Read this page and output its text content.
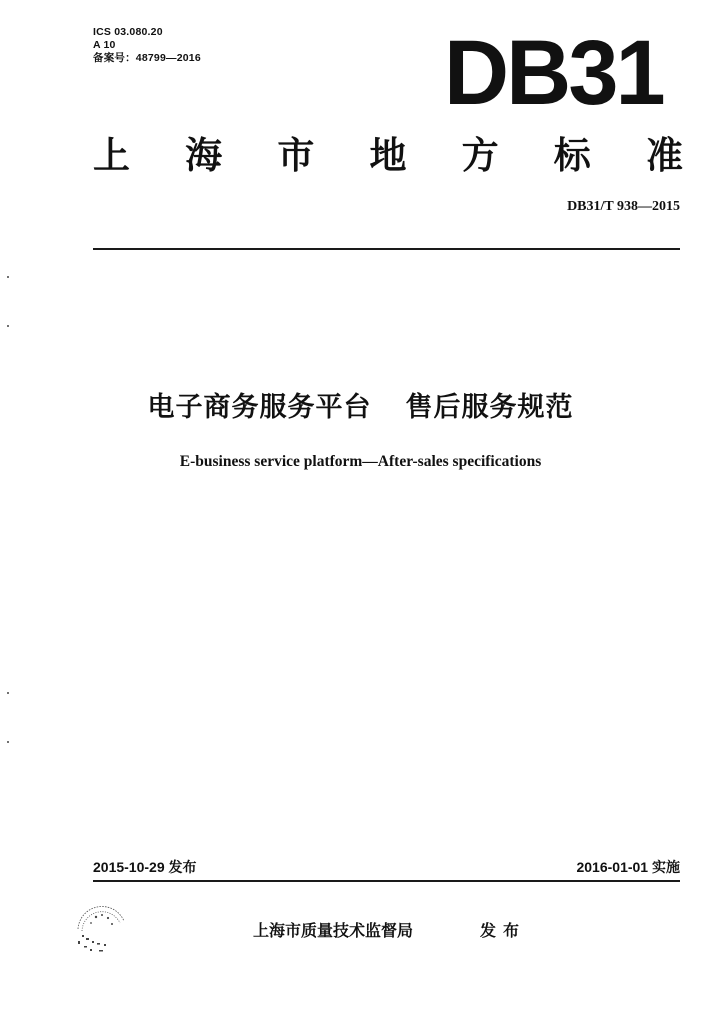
ICS 03.080.20
A 10
备案号：48799—2016	DB31
上 海 市 地 方 标 准
DB31/T 938—2015
电子商务服务平台 售后服务规范
E-business service platform—After-sales specifications
2015-10-29 发布	2016-01-01 实施
上海市质量技术监督局	发布
